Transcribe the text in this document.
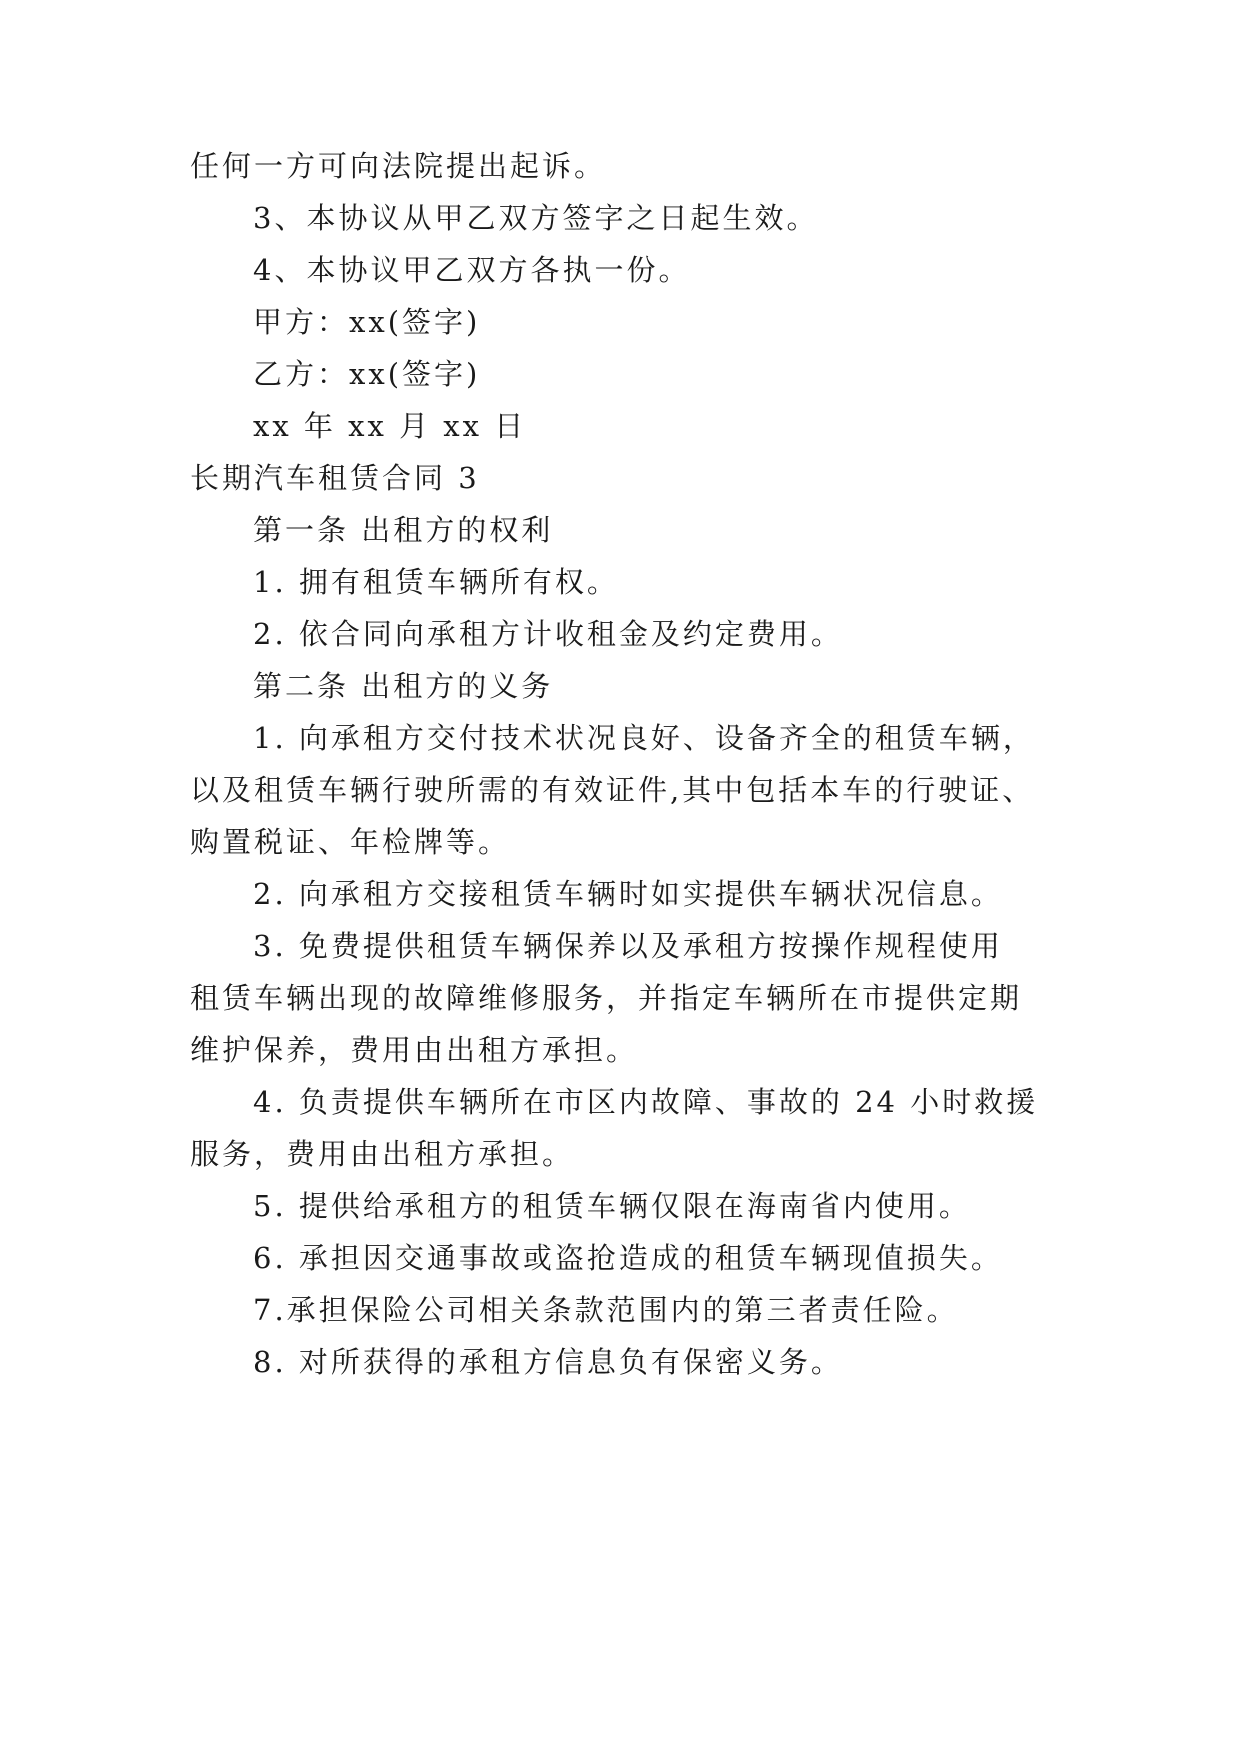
任何一方可向法院提出起诉。
3、本协议从甲乙双方签字之日起生效。
4、本协议甲乙双方各执一份。
甲方：xx(签字)
乙方：xx(签字)
xx 年 xx 月 xx 日
长期汽车租赁合同 3
第一条 出租方的权利
1. 拥有租赁车辆所有权。
2. 依合同向承租方计收租金及约定费用。
第二条 出租方的义务
1. 向承租方交付技术状况良好、设备齐全的租赁车辆，
以及租赁车辆行驶所需的有效证件,其中包括本车的行驶证、
购置税证、年检牌等。
2. 向承租方交接租赁车辆时如实提供车辆状况信息。
3. 免费提供租赁车辆保养以及承租方按操作规程使用
租赁车辆出现的故障维修服务，并指定车辆所在市提供定期
维护保养，费用由出租方承担。
4. 负责提供车辆所在市区内故障、事故的 24 小时救援
服务，费用由出租方承担。
5. 提供给承租方的租赁车辆仅限在海南省内使用。
6. 承担因交通事故或盗抢造成的租赁车辆现值损失。
7.承担保险公司相关条款范围内的第三者责任险。
8. 对所获得的承租方信息负有保密义务。
